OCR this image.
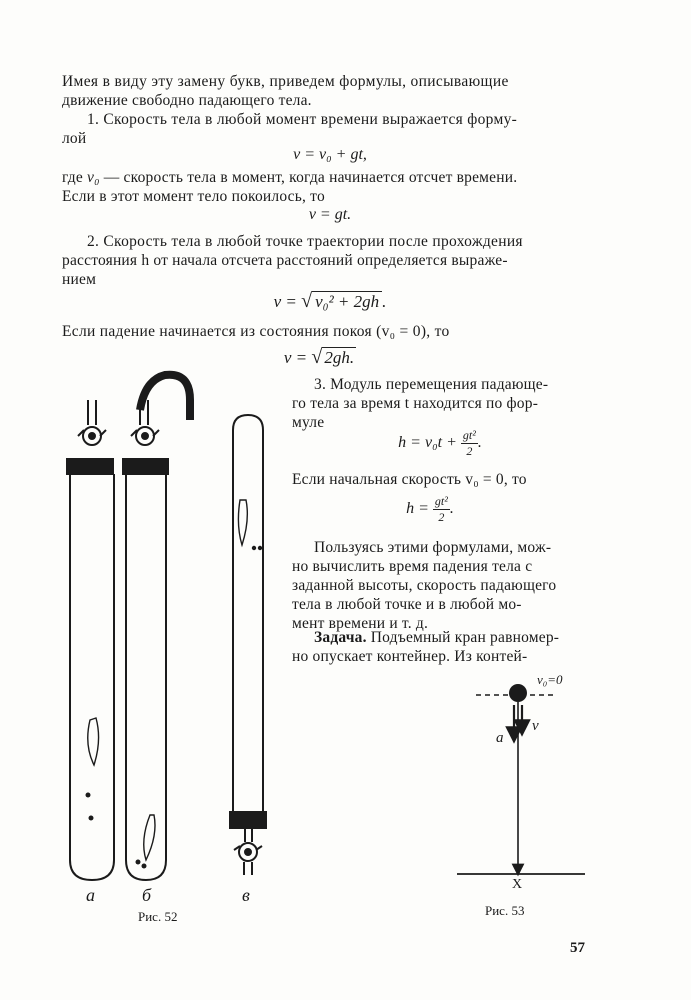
Имея в виду эту замену букв, приведем формулы, описывающие
движение свободно падающего тела.
1. Скорость тела в любой момент времени выражается форму-
лой
v = v₀ + gt,
где v₀ — скорость тела в момент, когда начинается отсчет времени.
Если в этот момент тело покоилось, то
v = gt.
2. Скорость тела в любой точке траектории после прохождения
расстояния h от начала отсчета расстояний определяется выраже-
нием
v = √ v₀² + 2gh .
Если падение начинается из состояния покоя (v₀ = 0), то
v = √ 2gh.
3. Модуль перемещения падающе-
го тела за время t находится по фор-
муле
$h = v_0t + \frac{\text{gt²}}{2}$ .
Если начальная скорость v₀ = 0, то
$h = \frac{\text{gt²}}{2}$ .
Пользуясь этими формулами, мож-
но вычислить время падения тела с
заданной высоты, скорость падающего
тела в любой точке и в любой мо-
мент времени и т. д.
Задача. Подъемный кран равномер-
но опускает контейнер. Из контей-
а	б	в
Рис. 52
v₀=0
a
v
X
Рис. 53
57
